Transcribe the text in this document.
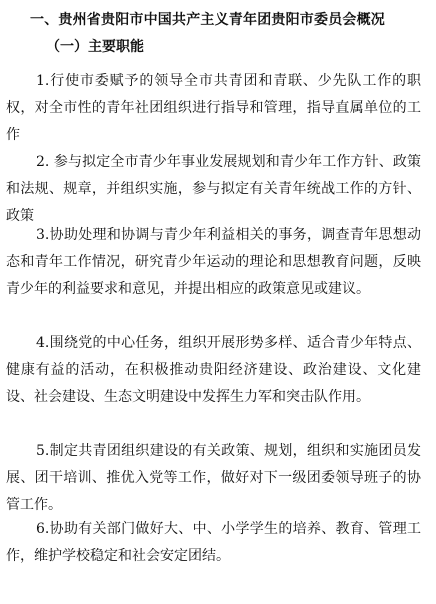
一、贵州省贵阳市中国共产主义青年团贵阳市委员会概况
（一）主要职能

1.行使市委赋予的领导全市共青团和青联、少先队工作的职权，对全市性的青年社团组织进行指导和管理，指导直属单位的工作

2. 参与拟定全市青少年事业发展规划和青少年工作方针、政策和法规、规章，并组织实施，参与拟定有关青年统战工作的方针、政策

3.协助处理和协调与青少年利益相关的事务，调查青年思想动态和青年工作情况，研究青少年运动的理论和思想教育问题，反映青少年的利益要求和意见，并提出相应的政策意见或建议。

4.围绕党的中心任务，组织开展形势多样、适合青少年特点、健康有益的活动，在积极推动贵阳经济建设、政治建设、文化建设、社会建设、生态文明建设中发挥生力军和突击队作用。

5.制定共青团组织建设的有关政策、规划，组织和实施团员发展、团干培训、推优入党等工作，做好对下一级团委领导班子的协管工作。

6.协助有关部门做好大、中、小学学生的培养、教育、管理工作，维护学校稳定和社会安定团结。
